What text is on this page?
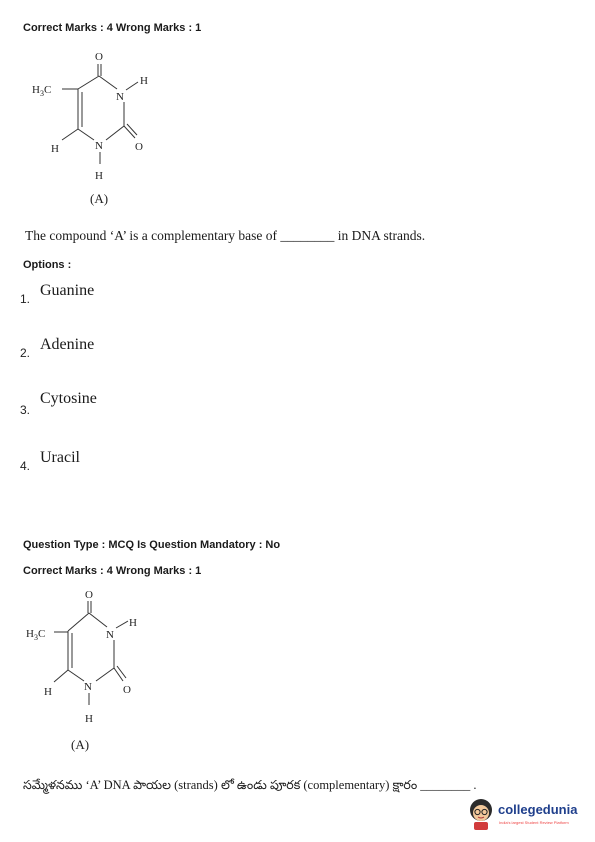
Correct Marks : 4 Wrong Marks : 1
O
$H_3C$
N
H
H	N	O
H
(A)
The compound ‘A’ is a complementary base of ________ in DNA strands.
Options :
1. Guanine
2. Adenine
3.
Cytosine
4. Uracil
Question Type : MCQ Is Question Mandatory : No
Correct Marks : 4 Wrong Marks : 1
O
$H_3C$	N
H
H	N	O
H
(A)
సమ్మేళనము ‘A’ DNA పాయల (strands) లో ఉండు పూరక (complementary) క్షారం ________ .
collegedunia
India's largest Student Review Platform
